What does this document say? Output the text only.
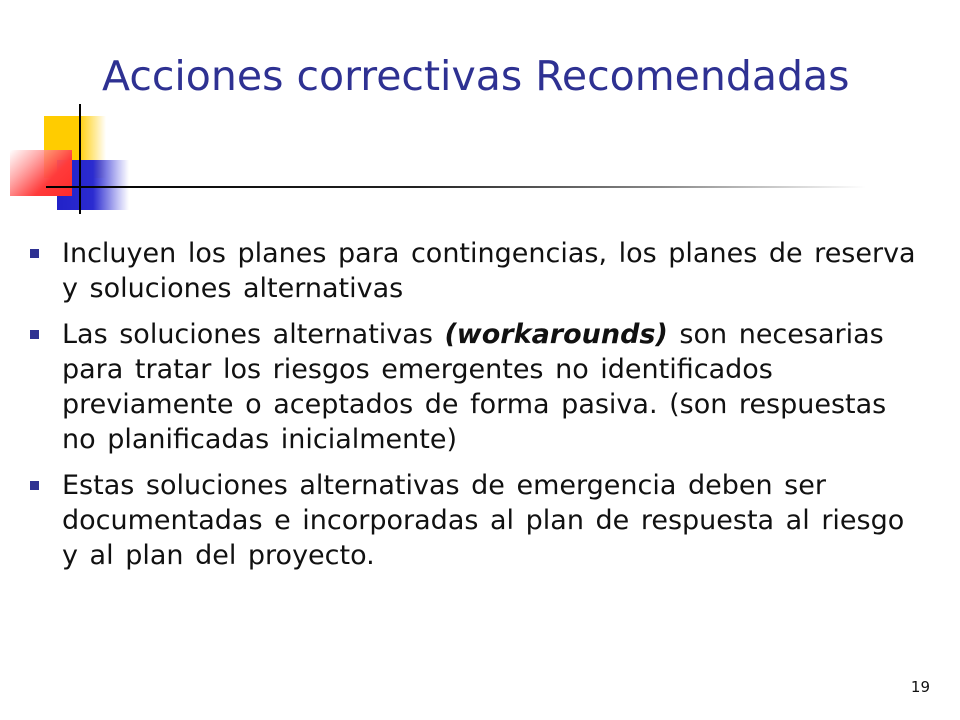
Acciones correctivas Recomendadas
Incluyen los planes para contingencias, los planes de reserva y soluciones alternativas
Las soluciones alternativas (workarounds) son necesarias para tratar los riesgos emergentes no identificados previamente o aceptados de forma pasiva. (son respuestas no planificadas inicialmente)
Estas soluciones alternativas de emergencia deben ser documentadas e incorporadas al plan de respuesta al riesgo y al plan del proyecto.
19
